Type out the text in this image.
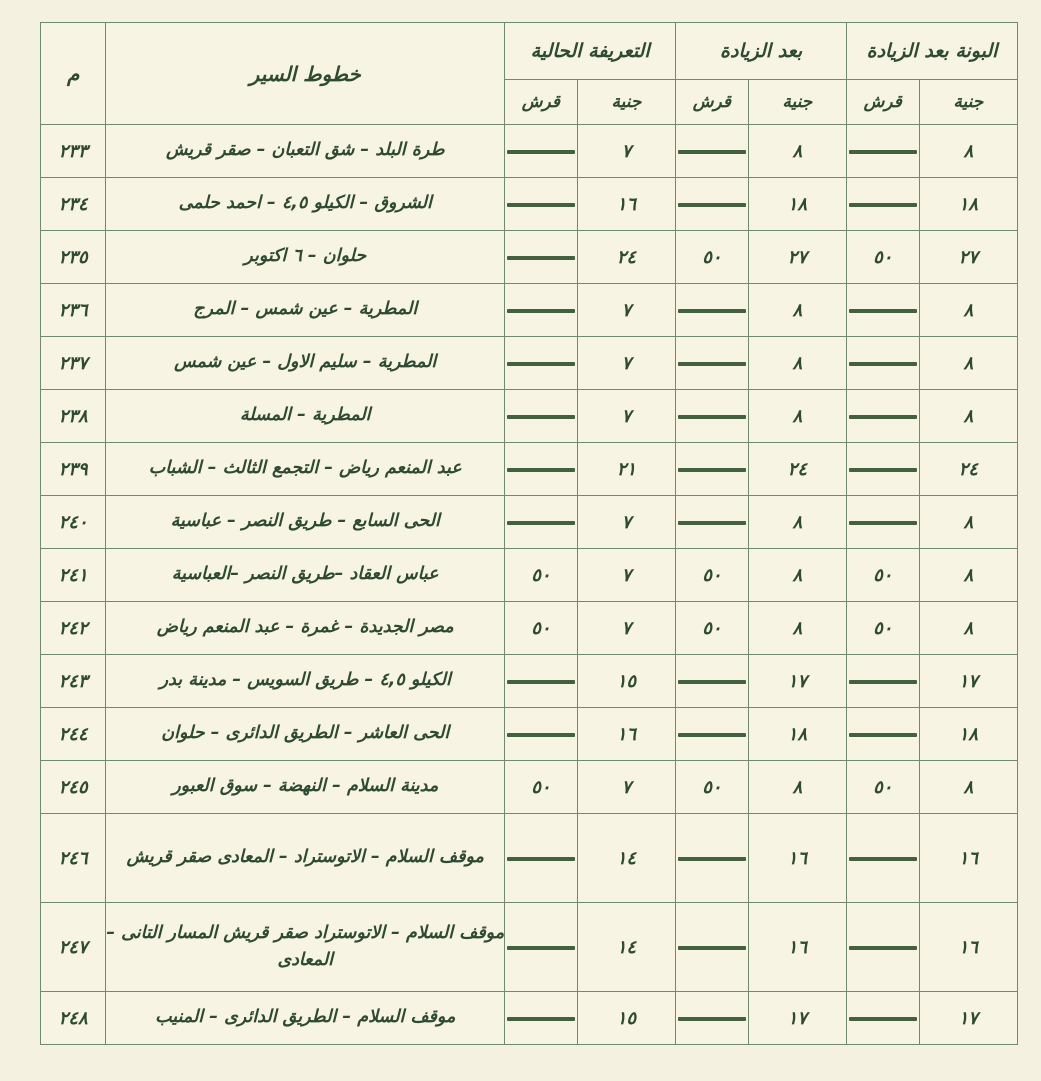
البونة بعد الزيادة		بعد الزيادة		التعريفة الحالية		خطوط السير	م
جنية	قرش	جنية	قرش	جنية	قرش		
٨		٨		٧		طرة البلد – شق التعبان – صقر قريش	٢٣٣
١٨		١٨		١٦		الشروق – الكيلو ٤,٥ – احمد حلمى	٢٣٤
٢٧	٥٠	٢٧	٥٠	٢٤		حلوان – ٦ اكتوبر	٢٣٥
٨		٨		٧		المطرية – عين شمس – المرج	٢٣٦
٨		٨		٧		المطرية – سليم الاول – عين شمس	٢٣٧
٨		٨		٧		المطرية – المسلة	٢٣٨
٢٤		٢٤		٢١		عبد المنعم رياض – التجمع الثالث – الشباب	٢٣٩
٨		٨		٧		الحى السابع – طريق النصر – عباسية	٢٤٠
٨	٥٠	٨	٥٠	٧	٥٠	عباس العقاد –طريق النصر –العباسية	٢٤١
٨	٥٠	٨	٥٠	٧	٥٠	مصر الجديدة – غمرة – عبد المنعم رياض	٢٤٢
١٧		١٧		١٥		الكيلو ٤,٥ – طريق السويس – مدينة بدر	٢٤٣
١٨		١٨		١٦		الحى العاشر – الطريق الدائرى – حلوان	٢٤٤
٨	٥٠	٨	٥٠	٧	٥٠	مدينة السلام – النهضة – سوق العبور	٢٤٥
١٦		١٦		١٤		موقف السلام – الاتوستراد – المعادى صقر قريش	٢٤٦
١٦		١٦		١٤		موقف السلام – الاتوستراد صقر قريش المسار التانى – المعادى	٢٤٧
١٧		١٧		١٥		موقف السلام – الطريق الدائرى – المنيب	٢٤٨
